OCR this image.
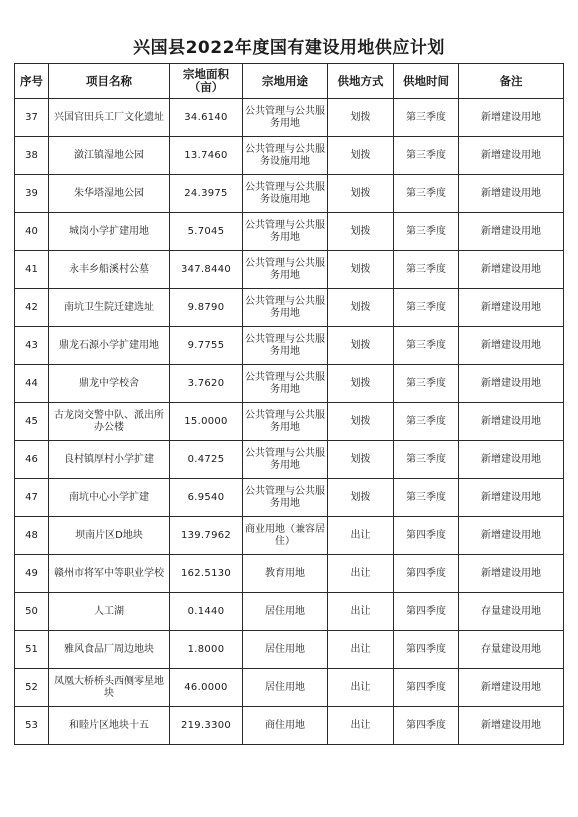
兴国县2022年度国有建设用地供应计划
序号	项目名称	宗地面积（亩）	宗地用途	供地方式	供地时间	备注
37	兴国官田兵工厂文化遗址	34.6140	公共管理与公共服务用地	划拨	第三季度	新增建设用地
38	潋江镇湿地公园	13.7460	公共管理与公共服务设施用地	划拨	第三季度	新增建设用地
39	朱华塔湿地公园	24.3975	公共管理与公共服务设施用地	划拨	第三季度	新增建设用地
40	城岗小学扩建用地	5.7045	公共管理与公共服务用地	划拨	第三季度	新增建设用地
41	永丰乡船溪村公墓	347.8440	公共管理与公共服务用地	划拨	第三季度	新增建设用地
42	南坑卫生院迁建选址	9.8790	公共管理与公共服务用地	划拨	第三季度	新增建设用地
43	鼎龙石源小学扩建用地	9.7755	公共管理与公共服务用地	划拨	第三季度	新增建设用地
44	鼎龙中学校舍	3.7620	公共管理与公共服务用地	划拨	第三季度	新增建设用地
45	古龙岗交警中队、派出所办公楼	15.0000	公共管理与公共服务用地	划拨	第三季度	新增建设用地
46	良村镇厚村小学扩建	0.4725	公共管理与公共服务用地	划拨	第三季度	新增建设用地
47	南坑中心小学扩建	6.9540	公共管理与公共服务用地	划拨	第三季度	新增建设用地
48	坝南片区D地块	139.7962	商业用地（兼容居住）	出让	第四季度	新增建设用地
49	赣州市将军中等职业学校	162.5130	教育用地	出让	第四季度	新增建设用地
50	人工湖	0.1440	居住用地	出让	第四季度	存量建设用地
51	雅风食品厂周边地块	1.8000	居住用地	出让	第四季度	存量建设用地
52	凤凰大桥桥头西侧零星地块	46.0000	居住用地	出让	第四季度	新增建设用地
53	和睦片区地块十五	219.3300	商住用地	出让	第四季度	新增建设用地
